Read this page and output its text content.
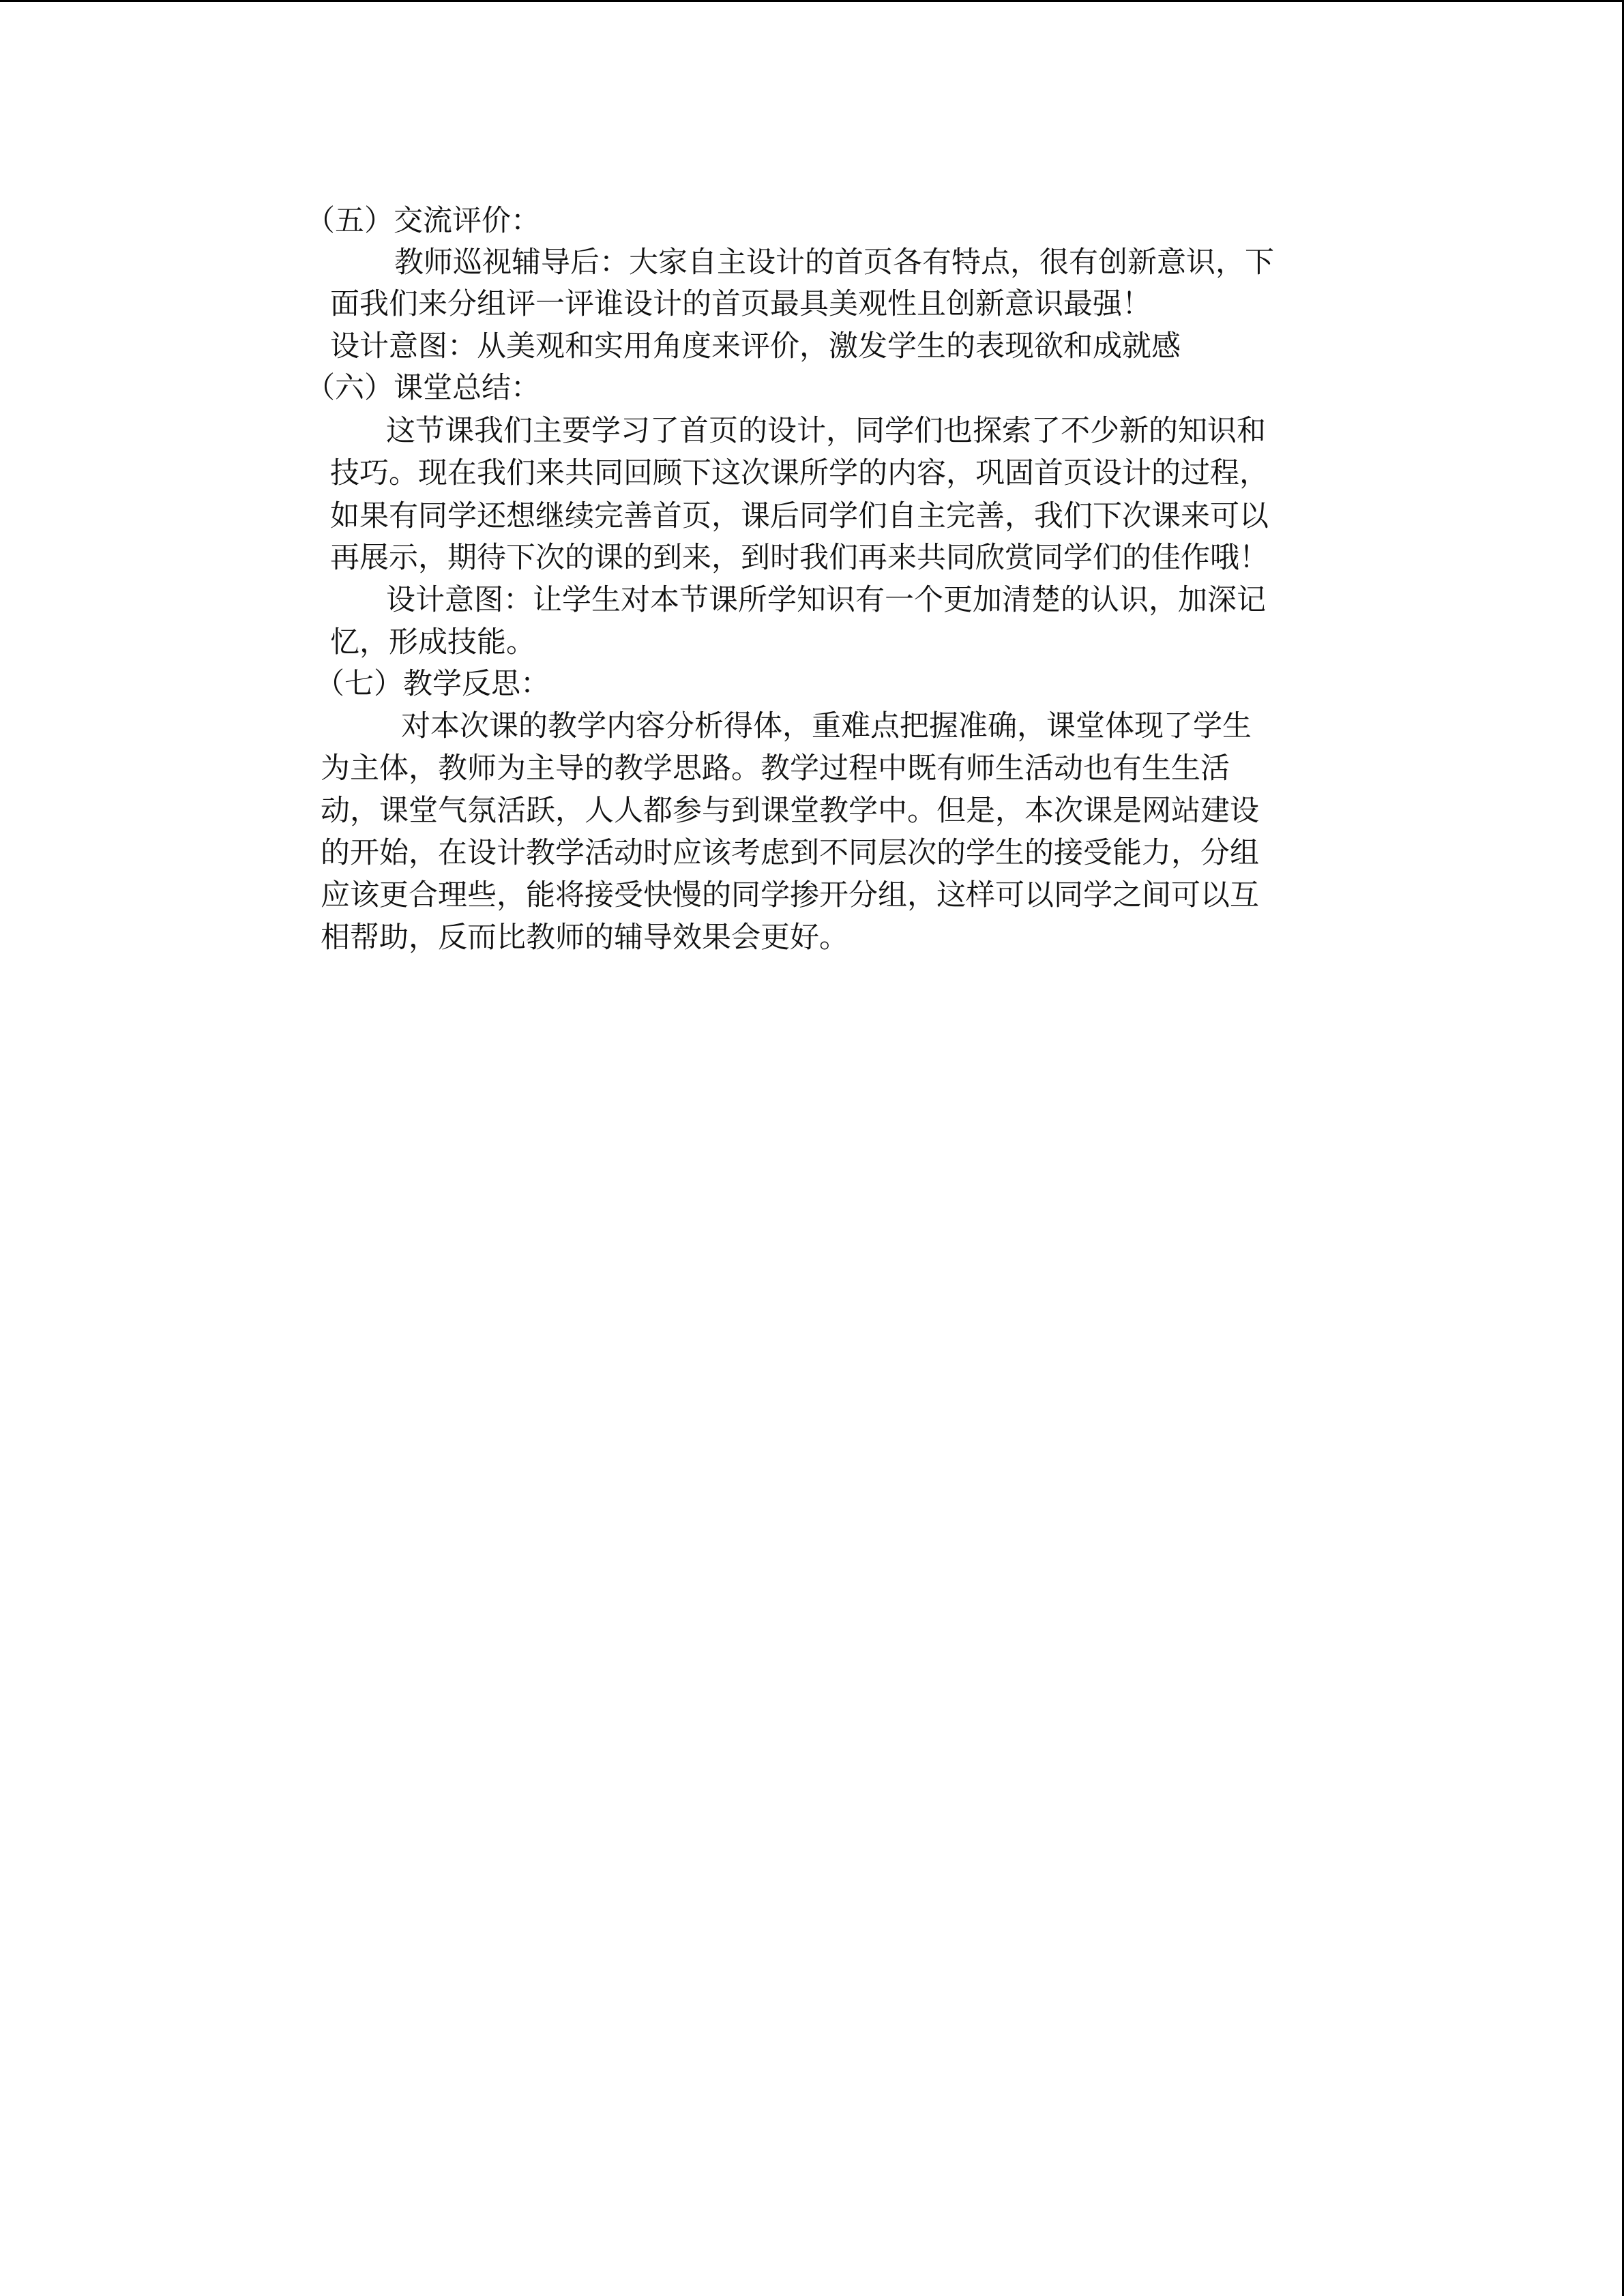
（五）交流评价：

教师巡视辅导后：大家自主设计的首页各有特点，很有创新意识，下

面我们来分组评一评谁设计的首页最具美观性且创新意识最强！

设计意图：从美观和实用角度来评价，激发学生的表现欲和成就感

（六）课堂总结：

这节课我们主要学习了首页的设计，同学们也探索了不少新的知识和

技巧。现在我们来共同回顾下这次课所学的内容，巩固首页设计的过程，

如果有同学还想继续完善首页，课后同学们自主完善，我们下次课来可以

再展示，期待下次的课的到来，到时我们再来共同欣赏同学们的佳作哦！

设计意图：让学生对本节课所学知识有一个更加清楚的认识，加深记

忆，形成技能。

（七）教学反思：

对本次课的教学内容分析得体，重难点把握准确，课堂体现了学生

为主体，教师为主导的教学思路。教学过程中既有师生活动也有生生活

动，课堂气氛活跃，人人都参与到课堂教学中。但是，本次课是网站建设

的开始，在设计教学活动时应该考虑到不同层次的学生的接受能力，分组

应该更合理些，能将接受快慢的同学掺开分组，这样可以同学之间可以互

相帮助，反而比教师的辅导效果会更好。
